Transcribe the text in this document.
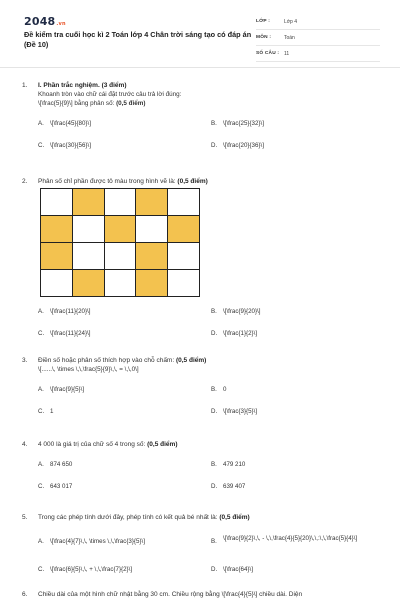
2048.vn
Đề kiểm tra cuối học kì 2 Toán lớp 4 Chân trời sáng tạo có đáp án (Đề 10)
LỚP :	Lớp 4
MÔN :	Toán
SỐ CÂU : 11
1.	I. Phần trắc nghiệm. (3 điểm)
Khoanh tròn vào chữ cái đặt trước câu trả lời đúng:
\[\frac{5}{9}\] bằng phân số: (0,5 điểm)
A. \[\frac{45}{80}\]	B. \[\frac{25}{32}\]
C. \[\frac{30}{56}\]	D. \[\frac{20}{36}\]
2.	Phân số chỉ phần được tô màu trong hình vẽ là: (0,5 điểm)

A. \[\frac{11}{20}\]	B. \[\frac{9}{20}\]
C. \[\frac{11}{24}\]	D. \[\frac{1}{2}\]
3.	Điền số hoặc phân số thích hợp vào chỗ chấm: (0,5 điểm)
\[......\, \times \,\,\frac{5}{9}\,\, = \,\,0\]
A. \[\frac{9}{5}\]	B. 0
C. 1	D. \[\frac{3}{5}\]
4.	4 000 là giá trị của chữ số 4 trong số: (0,5 điểm)
A. 874 650	B. 479 210
C. 643 017	D. 639 407
5.	Trong các phép tính dưới đây, phép tính có kết quả bé nhất là: (0,5 điểm)
A. \[\frac{4}{7}\,\, \times \,\,\frac{3}{5}\]	B. \[\frac{9}{2}\,\, - \,\,\frac{4}{5}{20}\,\,:\,\,\frac{5}{4}\]
C. \[\frac{6}{5}\,\, + \,\,\frac{7}{2}\]	D. \[\frac{64}\]
6.	Chiều dài của một hình chữ nhật bằng 30 cm. Chiều rộng bằng \[\frac{4}{5}\] chiều dài. Diện
